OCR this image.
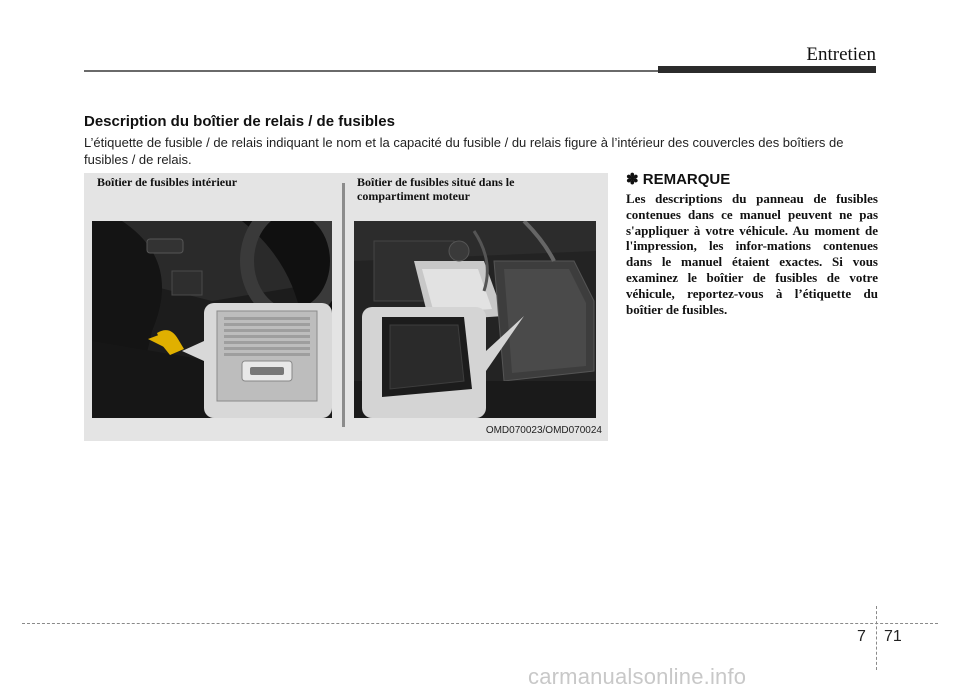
Entretien
Description du boîtier de relais / de fusibles
L’étiquette de fusible / de relais indiquant le nom et la capacité du fusible / du relais figure à l’intérieur des couvercles des boîtiers de fusibles / de relais.
Boîtier de fusibles intérieur	Boîtier de fusibles situé dans le compartiment moteur
OMD070023/OMD070024
✽ REMARQUE
Les descriptions du panneau de fusibles contenues dans ce manuel peuvent ne pas s'appliquer à votre véhicule. Au moment de l'impression, les infor-mations contenues dans le manuel étaient exactes. Si vous examinez le boîtier de fusibles de votre véhicule, reportez-vous à l’étiquette du boîtier de fusibles.
7 71
carmanualsonline.info
